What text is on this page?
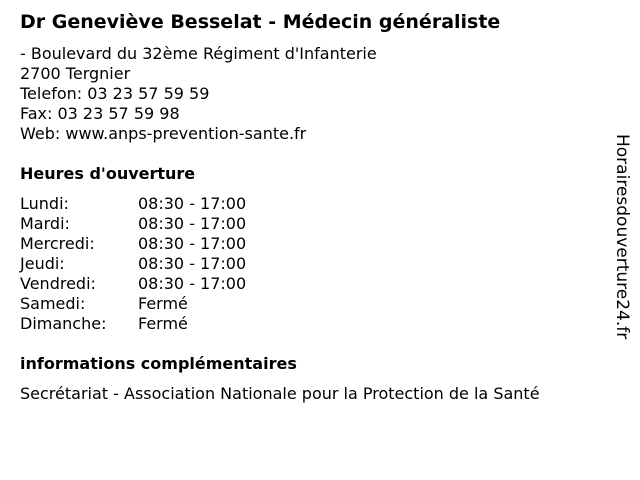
Dr Geneviève Besselat - Médecin généraliste
- Boulevard du 32ème Régiment d'Infanterie
2700 Tergnier
Telefon: 03 23 57 59 59
Fax: 03 23 57 59 98
Web: www.anps-prevention-sante.fr
Heures d'ouverture
Lundi:	08:30 - 17:00
Mardi:	08:30 - 17:00
Mercredi:	08:30 - 17:00
Jeudi:	08:30 - 17:00
Vendredi:	08:30 - 17:00
Samedi:	Fermé
Dimanche: Fermé
informations complémentaires
Secrétariat - Association Nationale pour la Protection de la Santé
Horairesdouverture24.fr
